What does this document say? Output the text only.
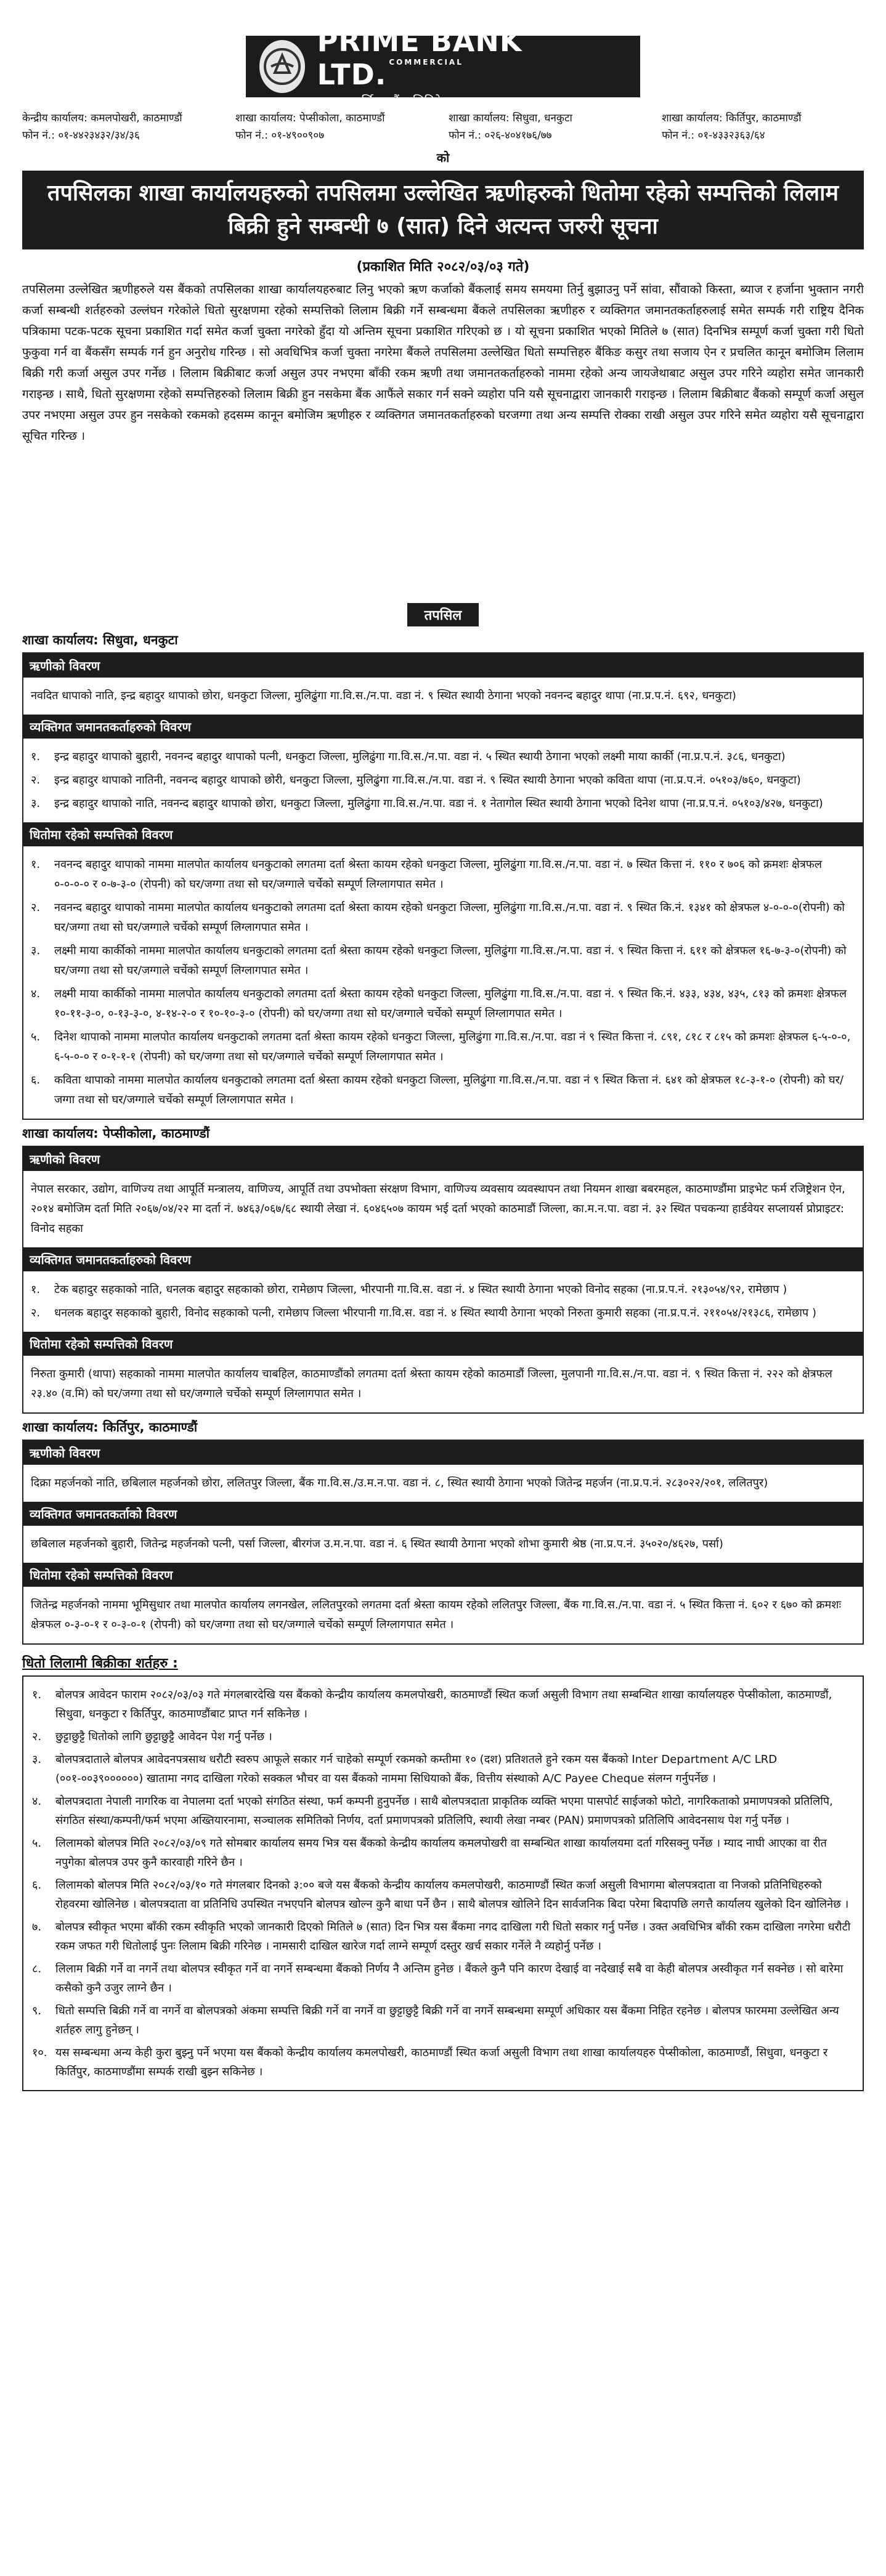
PRiME BANK LTD. $^{COMMERCIAL}$
प्राइम कमर्सियल बैंक लिमिटेड
केन्द्रीय कार्यालय: कमलपोखरी, काठमाण्डौं
फोन नं.: ०१-४४२३४३२/३४/३६
शाखा कार्यालय: पेप्सीकोला, काठमाण्डौं
फोन नं.: ०१-४९००९०७
शाखा कार्यालय: सिधुवा, धनकुटा
फोन नं.: ०२६-४०४१७६/७७
शाखा कार्यालय: किर्तिपुर, काठमाण्डौं
फोन नं.: ०१-४३३२३६३/६४
को
तपसिलका शाखा कार्यालयहरुको तपसिलमा उल्लेखित ऋणीहरुको धितोमा रहेको सम्पत्तिको लिलाम बिक्री हुने सम्बन्धी ७ (सात) दिने अत्यन्त जरुरी सूचना
(प्रकाशित मिति २०८२/०३/०३ गते)
तपसिलमा उल्लेखित ऋणीहरुले यस बैंकको तपसिलका शाखा कार्यालयहरुबाट लिनु भएको ऋण कर्जाको बैंकलाई समय समयमा तिर्नु बुझाउनु पर्ने सांवा, सौंवाको किस्ता, ब्याज र हर्जाना भुक्तान नगरी कर्जा सम्बन्धी शर्तहरुको उल्लंघन गरेकोले धितो सुरक्षणमा रहेको सम्पत्तिको लिलाम बिक्री गर्ने सम्बन्धमा बैंकले तपसिलका ऋणीहरु र व्यक्तिगत जमानतकर्ताहरुलाई समेत सम्पर्क गरी राष्ट्रिय दैनिक पत्रिकामा पटक-पटक सूचना प्रकाशित गर्दा समेत कर्जा चुक्ता नगरेको हुँदा यो अन्तिम सूचना प्रकाशित गरिएको छ । यो सूचना प्रकाशित भएको मितिले ७ (सात) दिनभित्र सम्पूर्ण कर्जा चुक्ता गरी धितो फुकुवा गर्न वा बैंकसँग सम्पर्क गर्न हुन अनुरोध गरिन्छ । सो अवधिभित्र कर्जा चुक्ता नगरेमा बैंकले तपसिलमा उल्लेखित धितो सम्पत्तिहरु बैंकिङ कसुर तथा सजाय ऐन र प्रचलित कानून बमोजिम लिलाम बिक्री गरी कर्जा असुल उपर गर्नेछ । लिलाम बिक्रीबाट कर्जा असुल उपर नभएमा बाँकी रकम ऋणी तथा जमानतकर्ताहरुको नाममा रहेको अन्य जायजेथाबाट असुल उपर गरिने व्यहोरा समेत जानकारी गराइन्छ । साथै, धितो सुरक्षणमा रहेको सम्पत्तिहरुको लिलाम बिक्री हुन नसकेमा बैंक आफैंले सकार गर्न सक्ने व्यहोरा पनि यसै सूचनाद्वारा जानकारी गराइन्छ । लिलाम बिक्रीबाट बैंकको सम्पूर्ण कर्जा असुल उपर नभएमा असुल उपर हुन नसकेको रकमको हदसम्म कानून बमोजिम ऋणीहरु र व्यक्तिगत जमानतकर्ताहरुको घरजग्गा तथा अन्य सम्पत्ति रोक्का राखी असुल उपर गरिने समेत व्यहोरा यसै सूचनाद्वारा सूचित गरिन्छ ।
तपसिल
शाखा कार्यालय: सिधुवा, धनकुटा
ऋणीको विवरण
नवदित धापाको नाति, इन्द्र बहादुर थापाको छोरा, धनकुटा जिल्ला, मुलिढुंगा गा.वि.स./न.पा. वडा नं. ९ स्थित स्थायी ठेगाना भएको नवनन्द बहादुर थापा (ना.प्र.प.नं. ६९२, धनकुटा)
व्यक्तिगत जमानतकर्ताहरुको विवरण
१.	इन्द्र बहादुर थापाको बुहारी, नवनन्द बहादुर थापाको पत्नी, धनकुटा जिल्ला, मुलिढुंगा गा.वि.स./न.पा. वडा नं. ५ स्थित स्थायी ठेगाना भएको लक्ष्मी माया कार्की (ना.प्र.प.नं. ३८६, धनकुटा)
२.	इन्द्र बहादुर थापाको नातिनी, नवनन्द बहादुर थापाको छोरी, धनकुटा जिल्ला, मुलिढुंगा गा.वि.स./न.पा. वडा नं. ९ स्थित स्थायी ठेगाना भएको कविता थापा (ना.प्र.प.नं. ०५१०३/७६०, धनकुटा)
३.	इन्द्र बहादुर थापाको नाति, नवनन्द बहादुर थापाको छोरा, धनकुटा जिल्ला, मुलिढुंगा गा.वि.स./न.पा. वडा नं. १ नेतागोल स्थित स्थायी ठेगाना भएको दिनेश थापा (ना.प्र.प.नं. ०५१०३/४२७, धनकुटा)
धितोमा रहेको सम्पत्तिको विवरण
१.	नवनन्द बहादुर थापाको नाममा मालपोत कार्यालय धनकुटाको लगतमा दर्ता श्रेस्ता कायम रहेको धनकुटा जिल्ला, मुलिढुंगा गा.वि.स./न.पा. वडा नं. ७ स्थित कित्ता नं. ११० र ७०६ को क्रमशः क्षेत्रफल ०-०-०-० र ०-७-३-० (रोपनी) को घर/जग्गा तथा सो घर/जग्गाले चर्चेको सम्पूर्ण लिग्लागपात समेत ।
२.	नवनन्द बहादुर थापाको नाममा मालपोत कार्यालय धनकुटाको लगतमा दर्ता श्रेस्ता कायम रहेको धनकुटा जिल्ला, मुलिढुंगा गा.वि.स./न.पा. वडा नं. ९ स्थित कि.नं. १३४१ को क्षेत्रफल ४-०-०-०(रोपनी) को घर/जग्गा तथा सो घर/जग्गाले चर्चेको सम्पूर्ण लिग्लागपात समेत ।
३.	लक्ष्मी माया कार्कीको नाममा मालपोत कार्यालय धनकुटाको लगतमा दर्ता श्रेस्ता कायम रहेको धनकुटा जिल्ला, मुलिढुंगा गा.वि.स./न.पा. वडा नं. ९ स्थित कित्ता नं. ६११ को क्षेत्रफल १६-७-३-०(रोपनी) को घर/जग्गा तथा सो घर/जग्गाले चर्चेको सम्पूर्ण लिग्लागपात समेत ।
४.	लक्ष्मी माया कार्कीको नाममा मालपोत कार्यालय धनकुटाको लगतमा दर्ता श्रेस्ता कायम रहेको धनकुटा जिल्ला, मुलिढुंगा गा.वि.स./न.पा. वडा नं. ९ स्थित कि.नं. ४३३, ४३४, ४३५, ८१३ को क्रमशः क्षेत्रफल १०-११-३-०, ०-१३-३-०, ४-१४-२-० र १०-१०-३-० (रोपनी) को घर/जग्गा तथा सो घर/जग्गाले चर्चेको सम्पूर्ण लिग्लागपात समेत ।
५.	दिनेश थापाको नाममा मालपोत कार्यालय धनकुटाको लगतमा दर्ता श्रेस्ता कायम रहेको धनकुटा जिल्ला, मुलिढुंगा गा.वि.स./न.पा. वडा नं ९ स्थित कित्ता नं. ८९१, ८१८ र ८१५ को क्रमशः क्षेत्रफल ६-५-०-०, ६-५-०-० र ०-१-१-१ (रोपनी) को घर/जग्गा तथा सो घर/जग्गाले चर्चेको सम्पूर्ण लिग्लागपात समेत ।
६.	कविता थापाको नाममा मालपोत कार्यालय धनकुटाको लगतमा दर्ता श्रेस्ता कायम रहेको धनकुटा जिल्ला, मुलिढुंगा गा.वि.स./न.पा. वडा नं ९ स्थित कित्ता नं. ६४१ को क्षेत्रफल १८-३-१-० (रोपनी) को घर/जग्गा तथा सो घर/जग्गाले चर्चेको सम्पूर्ण लिग्लागपात समेत ।
शाखा कार्यालय: पेप्सीकोला, काठमाण्डौं
ऋणीको विवरण
नेपाल सरकार, उद्योग, वाणिज्य तथा आपूर्ति मन्त्रालय, वाणिज्य, आपूर्ति तथा उपभोक्ता संरक्षण विभाग, वाणिज्य व्यवसाय व्यवस्थापन तथा नियमन शाखा बबरमहल, काठमाण्डौंमा प्राइभेट फर्म रजिष्ट्रेशन ऐन, २०१४ बमोजिम दर्ता मिति २०६७/०४/२२ मा दर्ता नं. ७४६३/०६७/६८ स्थायी लेखा नं. ६०४६५०७ कायम भई दर्ता भएको काठमाडौं जिल्ला, का.म.न.पा. वडा नं. ३२ स्थित पचकन्या हार्डवेयर सप्लायर्स प्रोप्राइटर: विनोद सहका
व्यक्तिगत जमानतकर्ताहरुको विवरण
१.	टेक बहादुर सहकाको नाति, धनलक बहादुर सहकाको छोरा, रामेछाप जिल्ला, भीरपानी गा.वि.स. वडा नं. ४ स्थित स्थायी ठेगाना भएको विनोद सहका (ना.प्र.प.नं. २१३०५४/९२, रामेछाप )
२.	धनलक बहादुर सहकाको बुहारी, विनोद सहकाको पत्नी, रामेछाप जिल्ला भीरपानी गा.वि.स. वडा नं. ४ स्थित स्थायी ठेगाना भएको निरुता कुमारी सहका (ना.प्र.प.नं. २११०५४/२१३८६, रामेछाप )
धितोमा रहेको सम्पत्तिको विवरण
निरुता कुमारी (थापा) सहकाको नाममा मालपोत कार्यालय चाबहिल, काठमाण्डौंको लगतमा दर्ता श्रेस्ता कायम रहेको काठमाडौं जिल्ला, मुलपानी गा.वि.स./न.पा. वडा नं. ९ स्थित कित्ता नं. २२२ को क्षेत्रफल २३.४० (व.मि) को घर/जग्गा तथा सो घर/जग्गाले चर्चेको सम्पूर्ण लिग्लागपात समेत ।
शाखा कार्यालय: किर्तिपुर, काठमाण्डौं
ऋणीको विवरण
दिक्रा महर्जनको नाति, छबिलाल महर्जनको छोरा, ललितपुर जिल्ला, बैंक गा.वि.स./उ.म.न.पा. वडा नं. ८, स्थित स्थायी ठेगाना भएको जितेन्द्र महर्जन (ना.प्र.प.नं. २८३०२२/२०१, ललितपुर)
व्यक्तिगत जमानतकर्ताको विवरण
छबिलाल महर्जनको बुहारी, जितेन्द्र महर्जनको पत्नी, पर्सा जिल्ला, बीरगंज उ.म.न.पा. वडा नं. ६ स्थित स्थायी ठेगाना भएको शोभा कुमारी श्रेष्ठ (ना.प्र.प.नं. ३५०२०/४६२७, पर्सा)
धितोमा रहेको सम्पत्तिको विवरण
जितेन्द्र महर्जनको नाममा भूमिसुधार तथा मालपोत कार्यालय लगनखेल, ललितपुरको लगतमा दर्ता श्रेस्ता कायम रहेको ललितपुर जिल्ला, बैंक गा.वि.स./न.पा. वडा नं. ५ स्थित कित्ता नं. ६०२ र ६७० को क्रमशः क्षेत्रफल ०-३-०-१ र ०-३-०-१ (रोपनी) को घर/जग्गा तथा सो घर/जग्गाले चर्चेको सम्पूर्ण लिग्लागपात समेत ।
धितो लिलामी बिक्रीका शर्तहरु :
१.	बोलपत्र आवेदन फाराम २०८२/०३/०३ गते मंगलबारदेखि यस बैंकको केन्द्रीय कार्यालय कमलपोखरी, काठमाण्डौं स्थित कर्जा असुली विभाग तथा सम्बन्धित शाखा कार्यालयहरु पेप्सीकोला, काठमाण्डौं, सिधुवा, धनकुटा र किर्तिपुर, काठमाण्डौंबाट प्राप्त गर्न सकिनेछ ।
२.	छुट्टाछुट्टै धितोको लागि छुट्टाछुट्टै आवेदन पेश गर्नु पर्नेछ ।
३.	बोलपत्रदाताले बोलपत्र आवेदनपत्रसाथ धरौटी स्वरुप आफूले सकार गर्न चाहेको सम्पूर्ण रकमको कम्तीमा १० (दश) प्रतिशतले हुने रकम यस बैंकको Inter Department A/C LRD (००१-००३९००००००) खातामा नगद दाखिला गरेको सक्कल भौचर वा यस बैंकको नाममा सिधियाको बैंक, वित्तीय संस्थाको A/C Payee Cheque संलग्न गर्नुपर्नेछ ।
४.	बोलपत्रदाता नेपाली नागरिक वा नेपालमा दर्ता भएको संगठित संस्था, फर्म कम्पनी हुनुपर्नेछ । साथै बोलपत्रदाता प्राकृतिक व्यक्ति भएमा पासपोर्ट साईजको फोटो, नागरिकताको प्रमाणपत्रको प्रतिलिपि, संगठित संस्था/कम्पनी/फर्म भएमा अख्तियारनामा, सञ्चालक समितिको निर्णय, दर्ता प्रमाणपत्रको प्रतिलिपि, स्थायी लेखा नम्बर (PAN) प्रमाणपत्रको प्रतिलिपि आवेदनसाथ पेश गर्नु पर्नेछ ।
५.	लिलामको बोलपत्र मिति २०८२/०३/०९ गते सोमबार कार्यालय समय भित्र यस बैंकको केन्द्रीय कार्यालय कमलपोखरी वा सम्बन्धित शाखा कार्यालयमा दर्ता गरिसक्नु पर्नेछ । म्याद नाघी आएका वा रीत नपुगेका बोलपत्र उपर कुनै कारवाही गरिने छैन ।
६.	लिलामको बोलपत्र मिति २०८२/०३/१० गते मंगलबार दिनको ३:०० बजे यस बैंकको केन्द्रीय कार्यालय कमलपोखरी, काठमाण्डौं स्थित कर्जा असुली विभागमा बोलपत्रदाता वा निजको प्रतिनिधिहरुको रोहवरमा खोलिनेछ । बोलपत्रदाता वा प्रतिनिधि उपस्थित नभएपनि बोलपत्र खोल्न कुनै बाधा पर्ने छैन । साथै बोलपत्र खोलिने दिन सार्वजनिक बिदा परेमा बिदापछि लगत्तै कार्यालय खुलेको दिन खोलिनेछ ।
७.	बोलपत्र स्वीकृत भएमा बाँकी रकम स्वीकृति भएको जानकारी दिएको मितिले ७ (सात) दिन भित्र यस बैंकमा नगद दाखिला गरी धितो सकार गर्नु पर्नेछ । उक्त अवधिभित्र बाँकी रकम दाखिला नगरेमा धरौटी रकम जफत गरी धितोलाई पुनः लिलाम बिक्री गरिनेछ । नामसारी दाखिल खारेज गर्दा लाग्ने सम्पूर्ण दस्तुर खर्च सकार गर्नेले नै व्यहोर्नु पर्नेछ ।
८.	लिलाम बिक्री गर्ने वा नगर्ने तथा बोलपत्र स्वीकृत गर्ने वा नगर्ने सम्बन्धमा बैंकको निर्णय नै अन्तिम हुनेछ । बैंकले कुनै पनि कारण देखाई वा नदेखाई सबै वा केही बोलपत्र अस्वीकृत गर्न सक्नेछ । सो बारेमा कसैको कुनै उजुर लाग्ने छैन ।
९.	धितो सम्पत्ति बिक्री गर्ने वा नगर्ने वा बोलपत्रको अंकमा सम्पत्ति बिक्री गर्ने वा नगर्ने वा छुट्टाछुट्टै बिक्री गर्ने वा नगर्ने सम्बन्धमा सम्पूर्ण अधिकार यस बैंकमा निहित रहनेछ । बोलपत्र फारममा उल्लेखित अन्य शर्तहरु लागु हुनेछन् ।
१०. यस सम्बन्धमा अन्य केही कुरा बुझ्नु पर्ने भएमा यस बैंकको केन्द्रीय कार्यालय कमलपोखरी, काठमाण्डौं स्थित कर्जा असुली विभाग तथा शाखा कार्यालयहरु पेप्सीकोला, काठमाण्डौं, सिधुवा, धनकुटा र किर्तिपुर, काठमाण्डौंमा सम्पर्क राखी बुझ्न सकिनेछ ।
